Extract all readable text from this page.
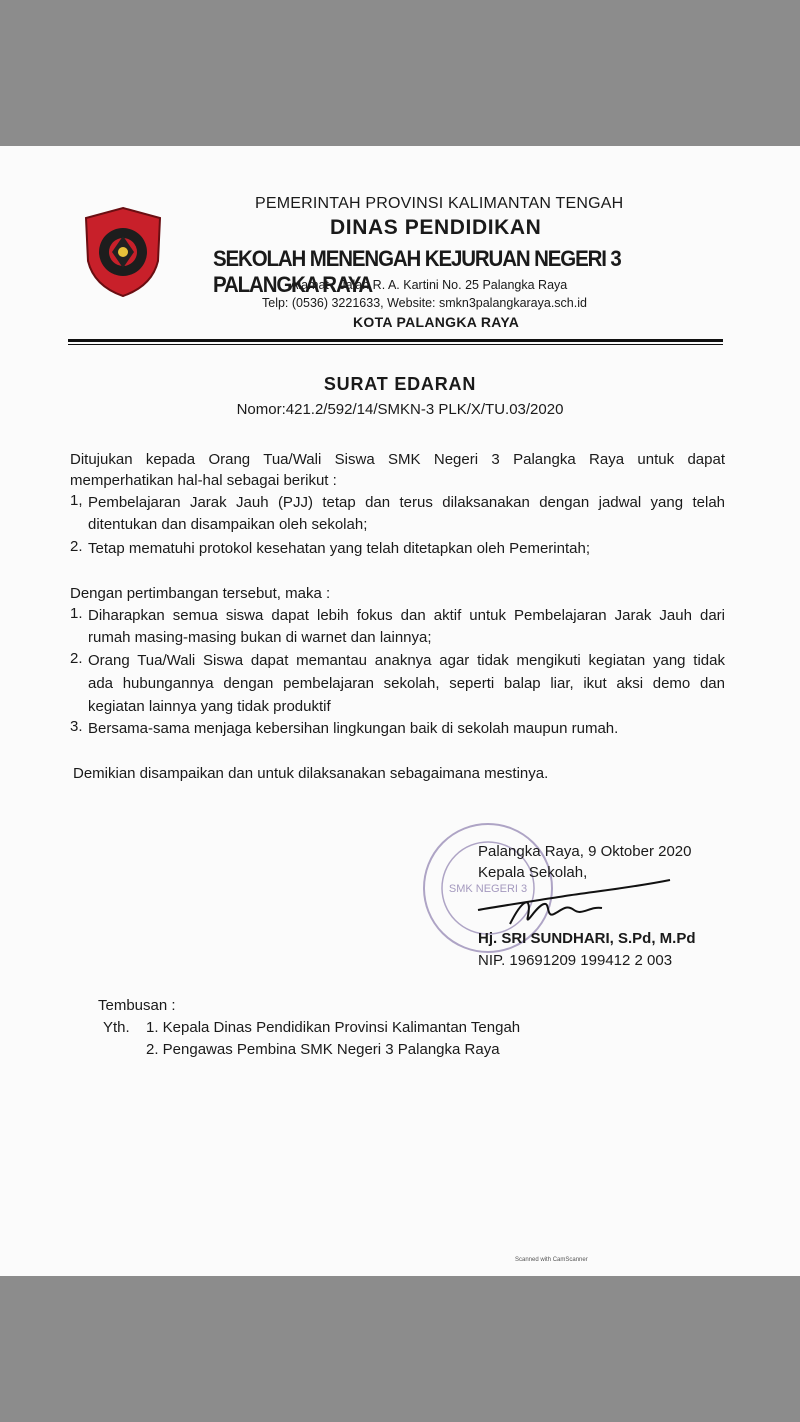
PEMERINTAH PROVINSI KALIMANTAN TENGAH
DINAS PENDIDIKAN
SEKOLAH MENENGAH KEJURUAN NEGERI 3 PALANGKA RAYA
Alamat : Jalan R. A. Kartini No. 25 Palangka Raya
Telp: (0536) 3221633, Website: smkn3palangkaraya.sch.id
KOTA PALANGKA RAYA
SURAT EDARAN
Nomor:421.2/592/14/SMKN-3 PLK/X/TU.03/2020
Ditujukan kepada Orang Tua/Wali Siswa SMK Negeri 3 Palangka Raya untuk dapat
memperhatikan hal-hal sebagai berikut :
1, Pembelajaran Jarak Jauh (PJJ) tetap dan terus dilaksanakan dengan jadwal yang telah
ditentukan dan disampaikan oleh sekolah;
2. Tetap mematuhi protokol kesehatan yang telah ditetapkan oleh Pemerintah;
Dengan pertimbangan tersebut, maka :
1. Diharapkan semua siswa dapat lebih fokus dan aktif untuk Pembelajaran Jarak Jauh dari
rumah masing-masing bukan di warnet dan lainnya;
2. Orang Tua/Wali Siswa dapat memantau anaknya agar tidak mengikuti kegiatan yang tidak
ada hubungannya dengan pembelajaran sekolah, seperti balap liar, ikut aksi demo dan
kegiatan lainnya yang tidak produktif
3. Bersama-sama menjaga kebersihan lingkungan baik di sekolah maupun rumah.
Demikian disampaikan dan untuk dilaksanakan sebagaimana mestinya.
SMK NEGERI 3
Palangka Raya, 9 Oktober 2020
Kepala Sekolah,
Hj. SRI SUNDHARI, S.Pd, M.Pd
NIP. 19691209 199412 2 003
Tembusan :
Yth. 1. Kepala Dinas Pendidikan Provinsi Kalimantan Tengah
2. Pengawas Pembina SMK Negeri 3 Palangka Raya
Scanned with CamScanner
